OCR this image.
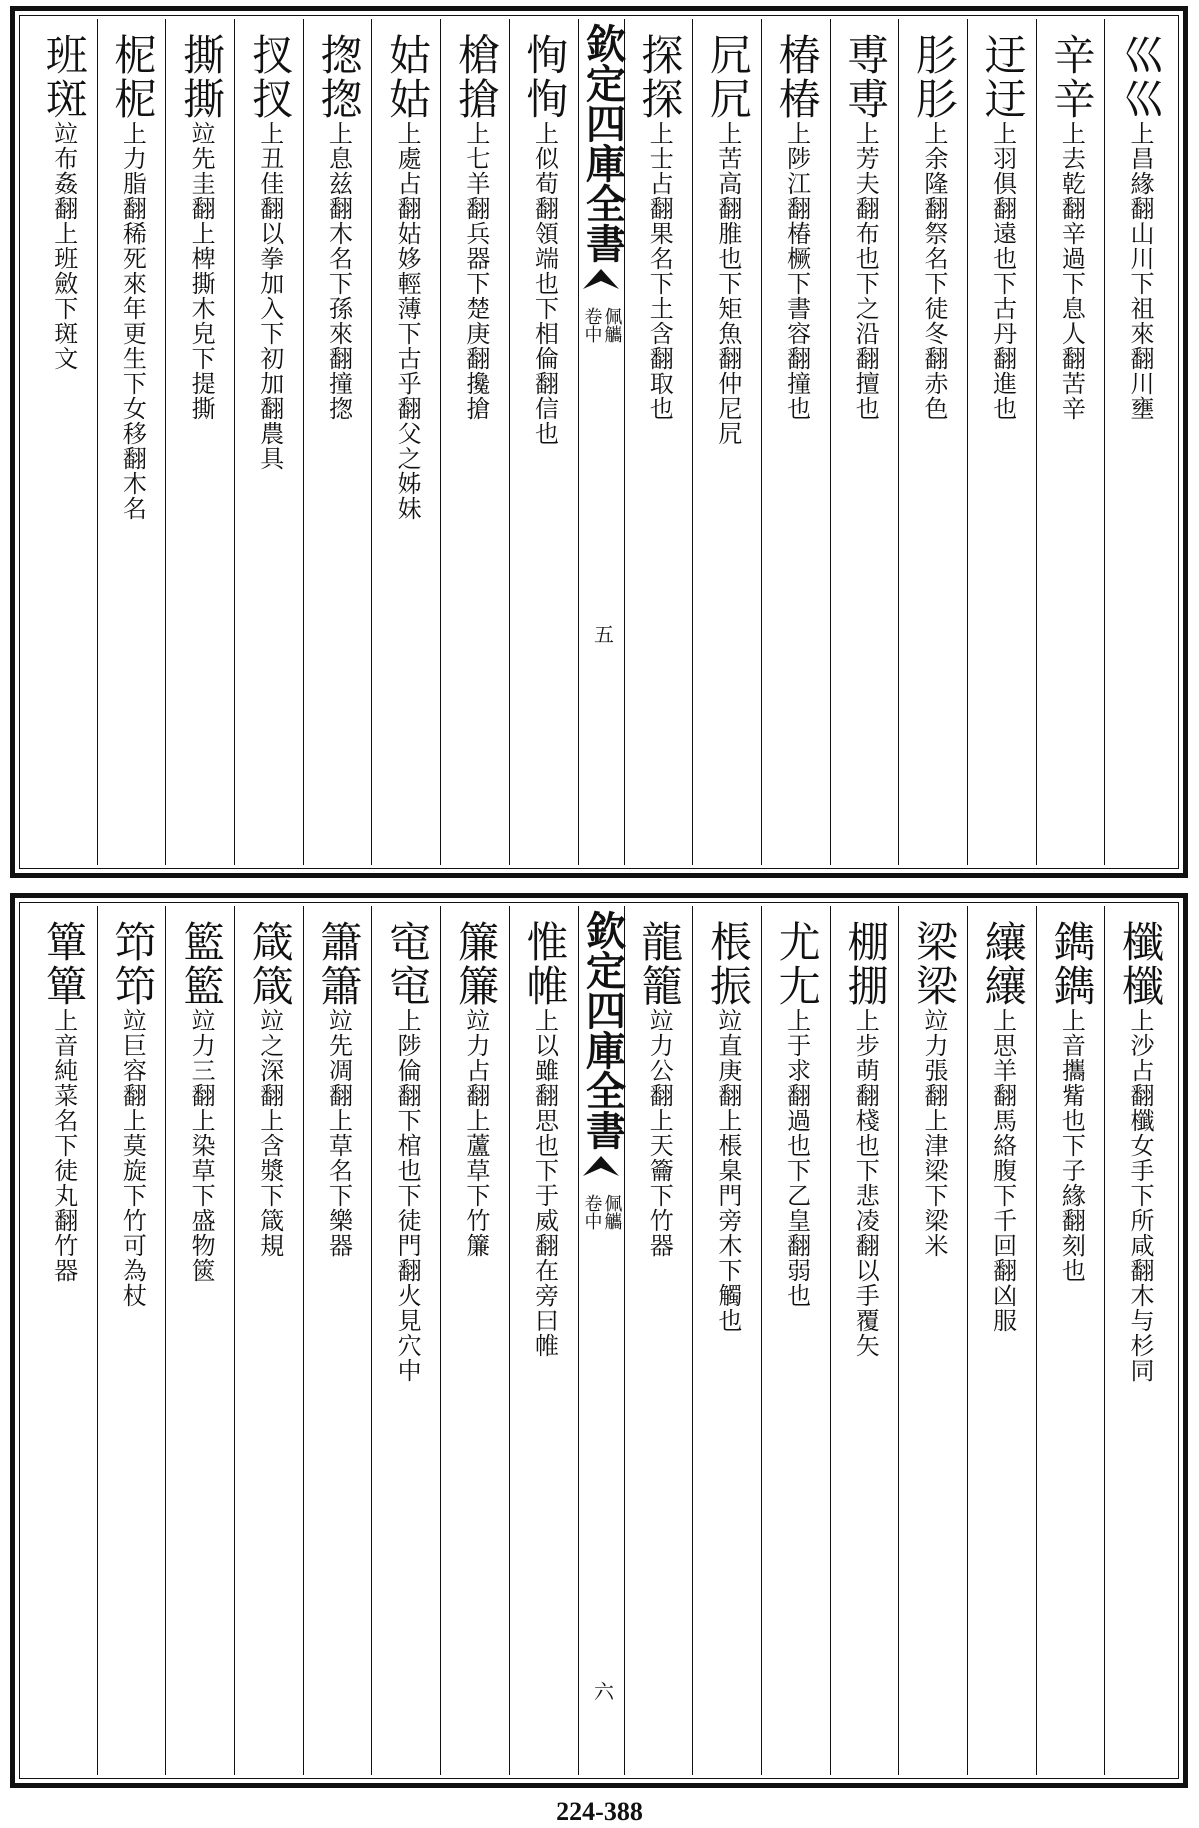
巛巛上昌緣翻山川下祖來翻川壅
辛辛上去乾翻辛過下息人翻苦辛
迂迂上羽俱翻遠也下古丹翻進也
肜肜上余隆翻祭名下徒冬翻赤色
尃尃上芳夫翻布也下之沿翻擅也
椿椿上陟江翻椿橛下書容翻撞也
凥凥上苦高翻脽也下矩魚翻仲尼凥
探探上士占翻果名下土含翻取也
欽定四庫全書
佩觿
卷中
五
恂恂上似荀翻領端也下相倫翻信也
槍搶上七羊翻兵器下楚庚翻攙搶
姑姑上處占翻姑姼輕薄下古乎翻父之姊妹
揔揔上息兹翻木名下孫來翻撞揔
扠扠上丑佳翻以拳加入下初加翻農具
撕撕竝先圭翻上椑撕木皃下提撕
柅柅上力脂翻稀死來年更生下女移翻木名
班斑竝布姦翻上班斂下斑文
櫼櫼上沙占翻櫼女手下所咸翻木与杉同
鐫鐫上音攜觜也下子緣翻刻也
纕纕上思羊翻馬絡腹下千回翻凶服
梁梁竝力張翻上津梁下梁米
棚掤上步萌翻棧也下悲凌翻以手覆矢
尤尢上于求翻過也下乙皇翻弱也
棖振竝直庚翻上棖臬門旁木下觸也
龍籠竝力公翻上天籥下竹器
欽定四庫全書
佩觿
卷中
六
惟帷上以雖翻思也下于威翻在旁曰帷
簾簾竝力占翻上蘆草下竹簾
窀窀上陟倫翻下棺也下徒門翻火見穴中
簫簫竝先凋翻上草名下樂器
箴箴竝之深翻上含漿下箴規
籃籃竝力三翻上染草下盛物篋
笻笻竝巨容翻上莫旋下竹可為杖
簞簞上音純菜名下徒丸翻竹器
224-388
